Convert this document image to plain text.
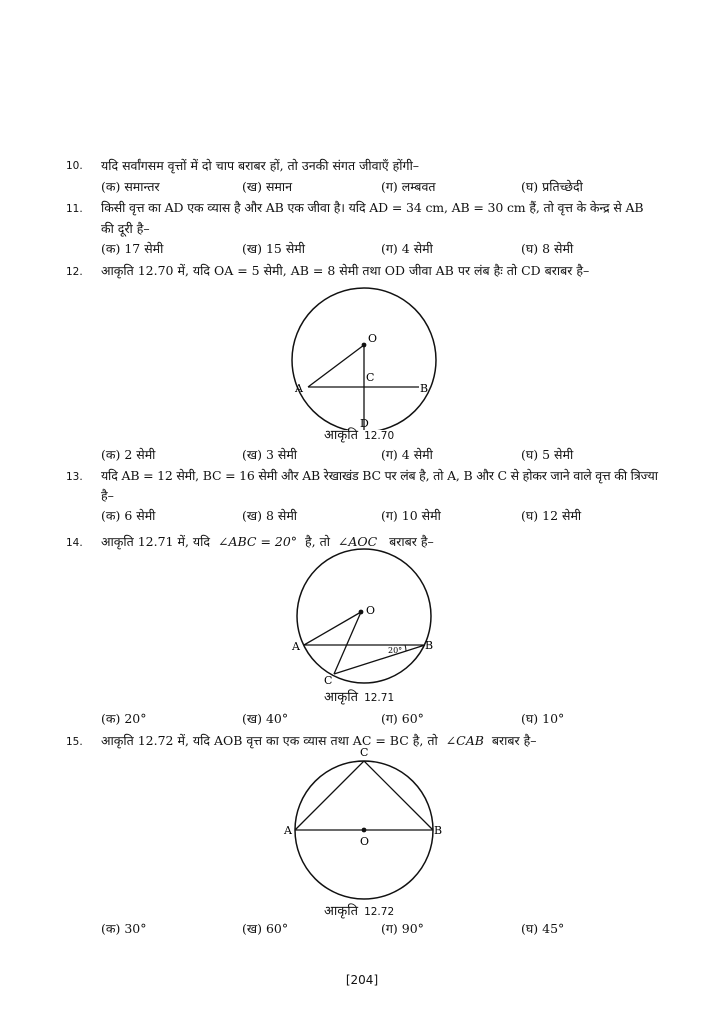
10. यदि सर्वांगसम वृत्तों में दो चाप बराबर हों, तो उनकी संगत जीवाएँ होंगी–
(क) समान्तर	(ख) समान	(ग) लम्बवत	(घ) प्रतिच्छेदी
11. किसी वृत्त का AD एक व्यास है और AB एक जीवा है। यदि AD = 34 cm, AB = 30 cm हैं, तो वृत्त के केन्द्र से AB
की दूरी है–
(क) 17 सेमी	(ख) 15 सेमी	(ग) 4 सेमी	(घ) 8 सेमी
12. आकृति 12.70 में, यदि OA = 5 सेमी, AB = 8 सेमी तथा OD जीवा AB पर लंब हैः तो CD बराबर है–
O
C
A	B
D
आकृति 12.70
(क) 2 सेमी	(ख) 3 सेमी	(ग) 4 सेमी	(घ) 5 सेमी
13. यदि AB = 12 सेमी, BC = 16 सेमी और AB रेखाखंड BC पर लंब है, तो A, B और C से होकर जाने वाले वृत्त की त्रिज्या
है–
(क) 6 सेमी	(ख) 8 सेमी	(ग) 10 सेमी	(घ) 12 सेमी
14. आकृति 12.71 में, यदि ∠ABC = 20° है, तो ∠AOC बराबर है–
O
A	B
C
20°
आकृति 12.71
(क) 20°	(ख) 40°	(ग) 60°	(घ) 10°
15. आकृति 12.72 में, यदि AOB वृत्त का एक व्यास तथा AC = BC है, तो ∠CAB बराबर है–
C
A	B
O
आकृति 12.72
(क) 30°	(ख) 60°	(ग) 90°	(घ) 45°
[204]
